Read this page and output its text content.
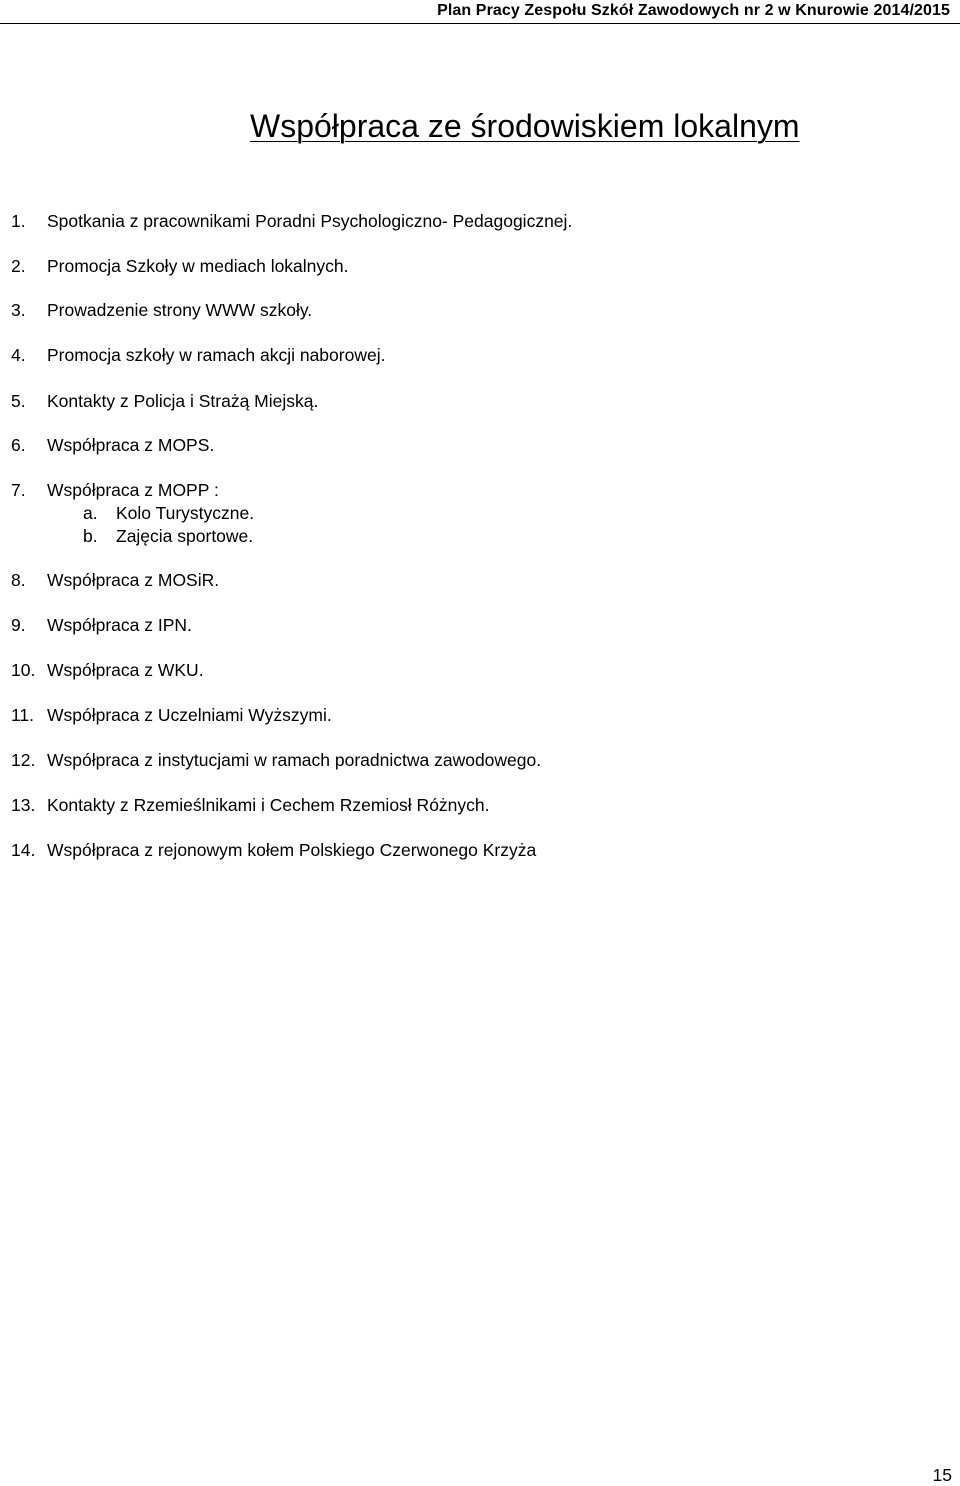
Plan Pracy Zespołu Szkół Zawodowych nr 2 w Knurowie 2014/2015
Współpraca ze środowiskiem lokalnym
1. Spotkania z pracownikami Poradni Psychologiczno- Pedagogicznej.
2. Promocja Szkoły w mediach lokalnych.
3. Prowadzenie strony WWW szkoły.
4. Promocja szkoły w ramach akcji naborowej.
5. Kontakty z Policja i Strażą Miejską.
6. Współpraca z MOPS.
7. Współpraca z MOPP :
a. Kolo Turystyczne.
b. Zajęcia sportowe.
8. Współpraca z MOSiR.
9. Współpraca z IPN.
10. Współpraca z WKU.
11. Współpraca z Uczelniami Wyższymi.
12. Współpraca z instytucjami w ramach poradnictwa zawodowego.
13. Kontakty z Rzemieślnikami i Cechem Rzemiosł Różnych.
14. Współpraca z rejonowym kołem Polskiego Czerwonego Krzyża
15
